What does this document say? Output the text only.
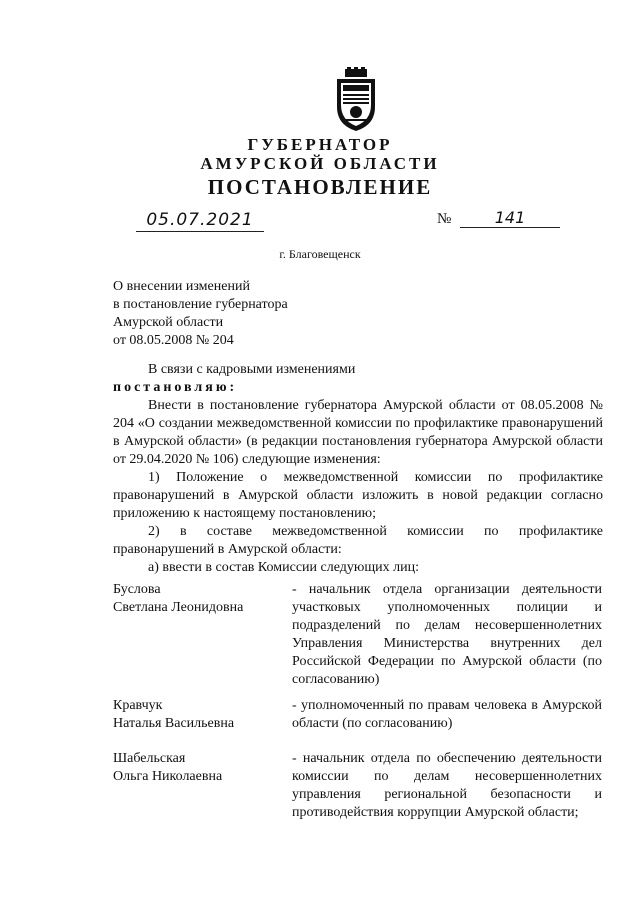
ГУБЕРНАТОР
АМУРСКОЙ ОБЛАСТИ
ПОСТАНОВЛЕНИЕ
05.07.2021	№	141
г. Благовещенск
О внесении изменений
в постановление губернатора
Амурской области
от 08.05.2008 № 204
В связи с кадровыми изменениями
постановляю:
Внести в постановление губернатора Амурской области от 08.05.2008 № 204 «О создании межведомственной комиссии по профилактике правонарушений в Амурской области» (в редакции постановления губернатора Амурской области от 29.04.2020 № 106) следующие изменения:
1) Положение о межведомственной комиссии по профилактике правонарушений в Амурской области изложить в новой редакции согласно приложению к настоящему постановлению;
2) в составе межведомственной комиссии по профилактике правонарушений в Амурской области:
а) ввести в состав Комиссии следующих лиц:
Буслова
Светлана Леонидовна
- начальник отдела организации деятельности участковых уполномоченных полиции и подразделений по делам несовершеннолетних Управления Министерства внутренних дел Российской Федерации по Амурской области (по согласованию)
Кравчук
Наталья Васильевна
- уполномоченный по правам человека в Амурской области (по согласованию)
Шабельская
Ольга Николаевна
- начальник отдела по обеспечению деятельности комиссии по делам несовершеннолетних управления региональной безопасности и противодействия коррупции Амурской области;
